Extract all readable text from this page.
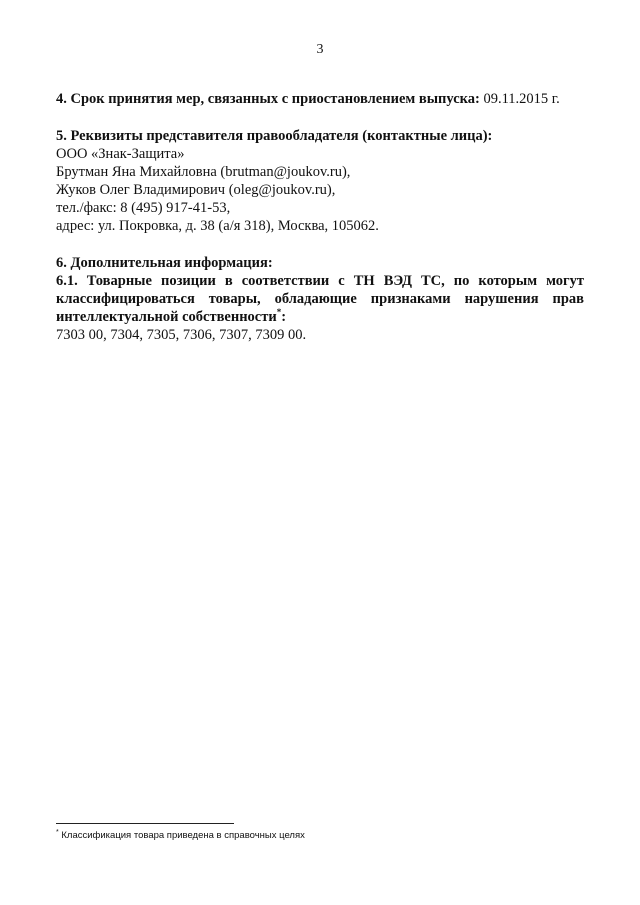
3
4. Срок принятия мер, связанных с приостановлением выпуска: 09.11.2015 г.
5. Реквизиты представителя правообладателя (контактные лица):
ООО «Знак-Защита»
Брутман Яна Михайловна (brutman@joukov.ru),
Жуков Олег Владимирович (oleg@joukov.ru),
тел./факс: 8 (495) 917-41-53,
адрес: ул. Покровка, д. 38 (а/я 318), Москва, 105062.
6. Дополнительная информация:
6.1. Товарные позиции в соответствии с ТН ВЭД ТС, по которым могут
классифицироваться товары, обладающие признаками нарушения прав
интеллектуальной собственности*:
7303 00, 7304, 7305, 7306, 7307, 7309 00.
* Классификация товара приведена в справочных целях
